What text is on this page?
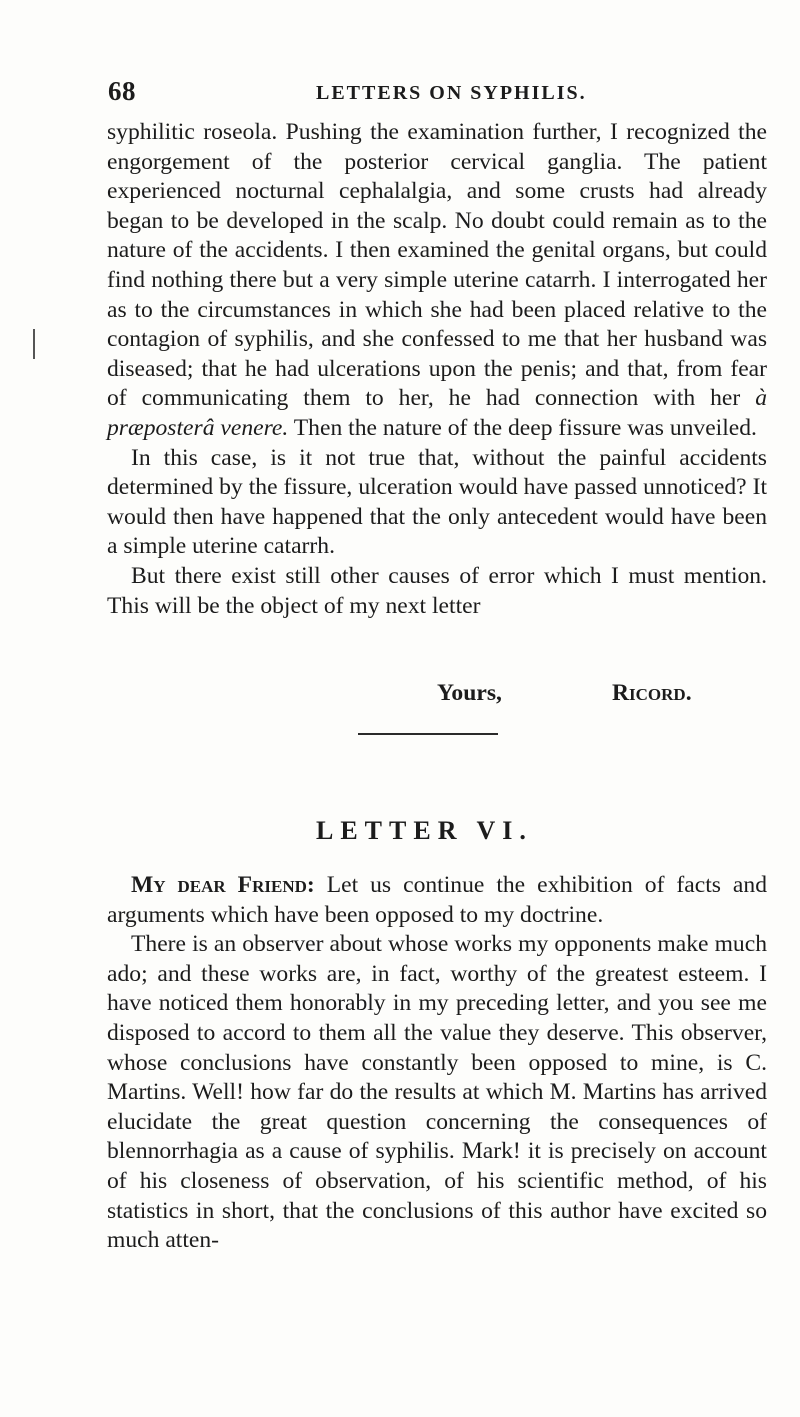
68	LETTERS ON SYPHILIS.

syphilitic roseola. Pushing the examination further, I recognized the engorgement of the posterior cervical ganglia. The patient experienced nocturnal cephalalgia, and some crusts had already began to be developed in the scalp. No doubt could remain as to the nature of the accidents. I then examined the genital organs, but could find nothing there but a very simple uterine catarrh. I interrogated her as to the circumstances in which she had been placed relative to the contagion of syphilis, and she confessed to me that her husband was diseased; that he had ulcerations upon the penis; and that, from fear of communicating them to her, he had connection with her à præposterâ venere. Then the nature of the deep fissure was unveiled.

In this case, is it not true that, without the painful accidents determined by the fissure, ulceration would have passed unnoticed? It would then have happened that the only antecedent would have been a simple uterine catarrh.

But there exist still other causes of error which I must mention. This will be the object of my next letter

Yours,	Ricord.
LETTER VI.

My dear Friend: Let us continue the exhibition of facts and arguments which have been opposed to my doctrine.

There is an observer about whose works my opponents make much ado; and these works are, in fact, worthy of the greatest esteem. I have noticed them honorably in my preceding letter, and you see me disposed to accord to them all the value they deserve. This observer, whose conclusions have constantly been opposed to mine, is C. Martins. Well! how far do the results at which M. Martins has arrived elucidate the great question concerning the consequences of blennorrhagia as a cause of syphilis. Mark! it is precisely on account of his closeness of observation, of his scientific method, of his statistics in short, that the conclusions of this author have excited so much atten-
